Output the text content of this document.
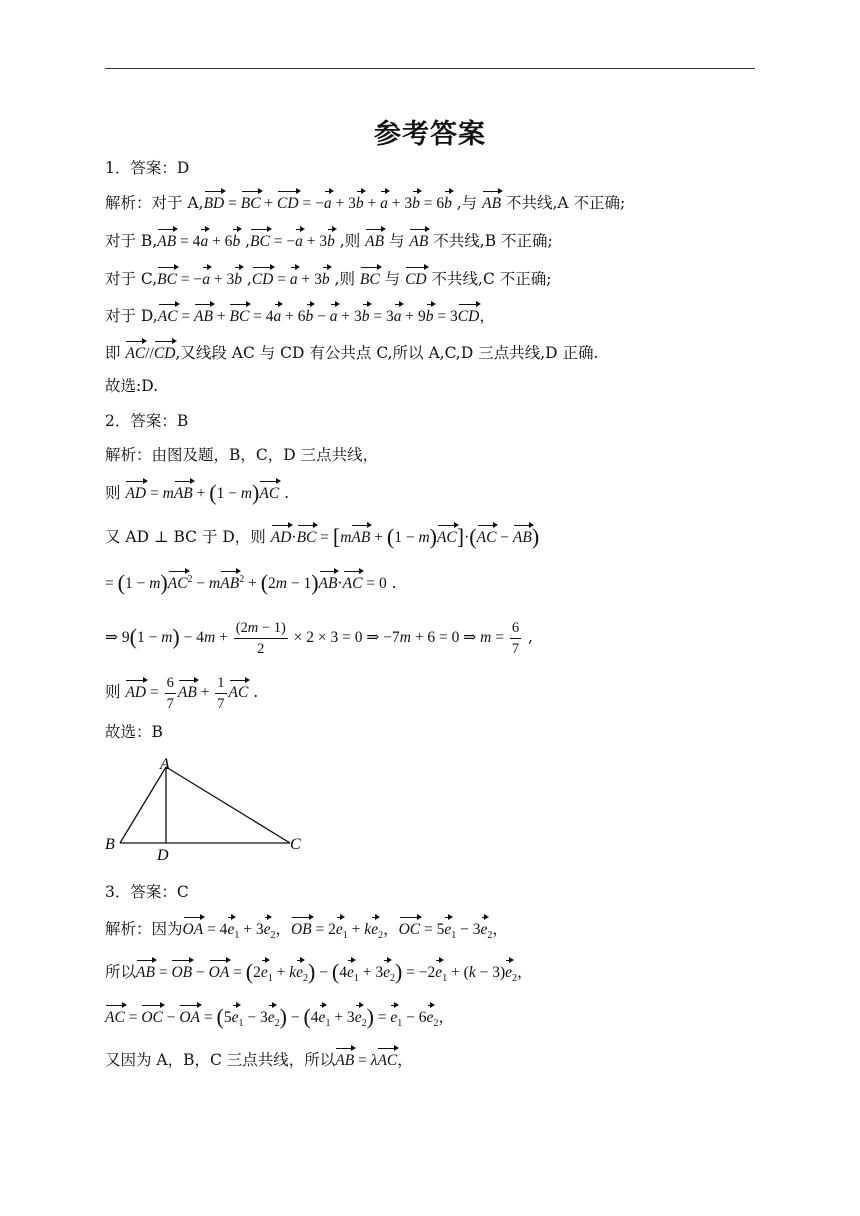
参考答案
1．答案：D
解析：对于 A,BD = BC + CD = −a + 3b + a + 3b = 6b ,与 AB 不共线,A 不正确;
对于 B,AB = 4a + 6b ,BC = −a + 3b ,则 AB 与 AB 不共线,B 不正确;
对于 C,BC = −a + 3b ,CD = a + 3b ,则 BC 与 CD 不共线,C 不正确;
对于 D,AC = AB + BC = 4a + 6b − a + 3b = 3a + 9b = 3CD，
即 AC//CD,又线段 AC 与 CD 有公共点 C,所以 A,C,D 三点共线,D 正确.
故选:D.
2．答案：B
解析：由图及题，B，C，D 三点共线，
则 AD = mAB + (1 − m)AC .
又 AD ⊥ BC 于 D，则 AD·BC = [mAB + (1 − m)AC]·(AC − AB)
= $(1 - m)AC^2 - mAB^2 + (2m - 1)AB\cdot AC = 0$ .
⇒ $9(1 - m) - 4m + \frac{(2m - 1)}{2} \times 2 \times 3 = 0$ ⇒ −7m + 6 = 0 ⇒ $m = \frac{6}{7}$ ,
则 AD = $\frac{6}{7}$ AB + $\frac{1}{7}$ AC .
故选：B
A
B
D
C
3．答案：C
解析：因为OA = $4e_1 + 3e_2$，OB = $2e_1 + ke_2$，OC = $5e_1 - 3e_2$，
所以AB = OB − OA = $(2e_1 + ke_2) - (4e_1 + 3e_2) = -2e_1 + (k - 3)e_2$，
AC = OC − OA = $(5e_1 - 3e_2) - (4e_1 + 3e_2) = e_1 - 6e_2$，
又因为 A，B，C 三点共线，所以AB = λAC，
